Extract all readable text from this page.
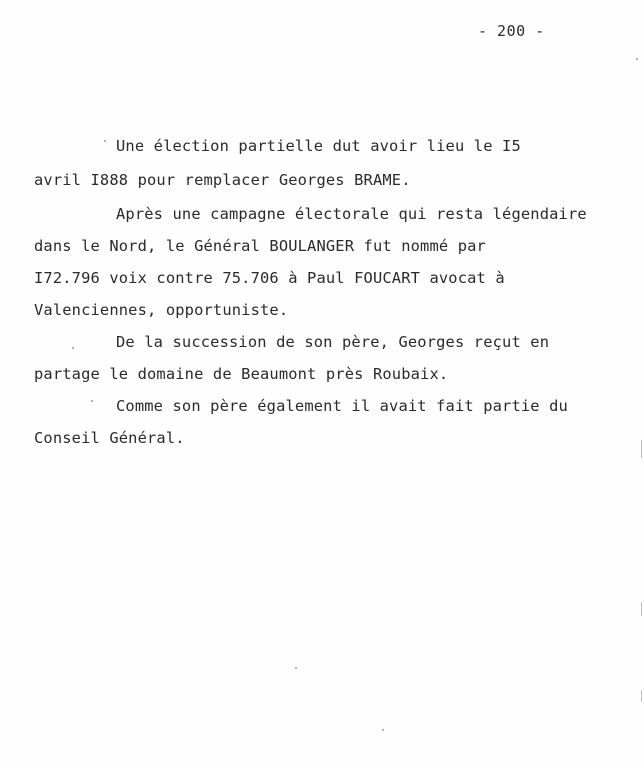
- 200 -
Une élection partielle dut avoir lieu le I5
avril I888 pour remplacer Georges BRAME.
Après une campagne électorale qui resta légendaire
dans le Nord, le Général BOULANGER fut nommé par
I72.796 voix contre 75.706 à Paul FOUCART avocat à
Valenciennes, opportuniste.
De la succession de son père, Georges reçut en
partage le domaine de Beaumont près Roubaix.
Comme son père également il avait fait partie du
Conseil Général.
